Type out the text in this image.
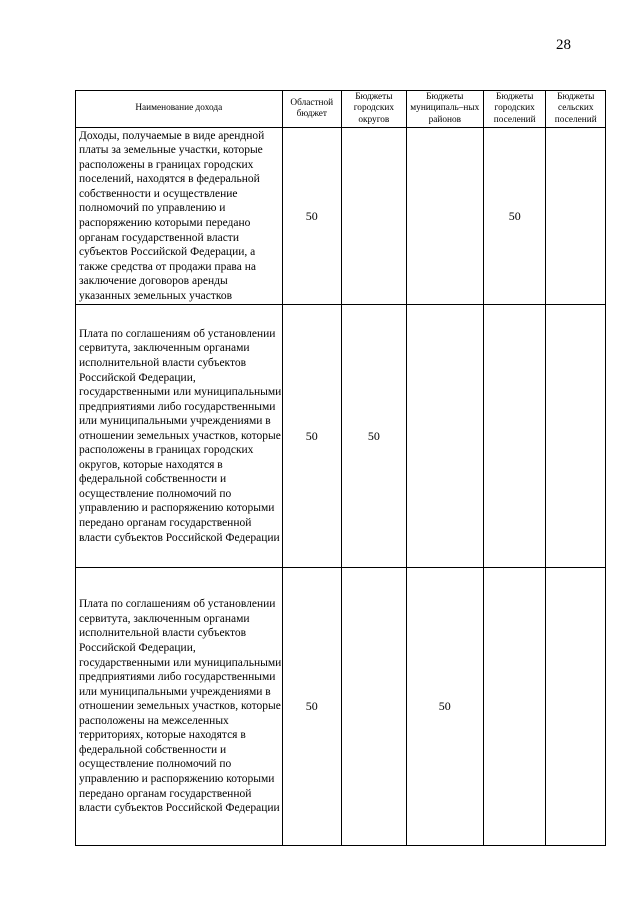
28
Наименование дохода	Областной бюджет	Бюджеты городских округов	Бюджеты муниципаль–ных районов	Бюджеты городских поселений	Бюджеты сельских поселений
Доходы, получаемые в виде арендной платы за земельные участки, которые расположены в границах городских поселений, находятся в федеральной собственности и осуществление полномочий по управлению и распоряжению которыми передано органам государственной власти субъектов Российской Федерации, а также средства от продажи права на заключение договоров аренды указанных земельных участков	50			50	
Плата по соглашениям об установлении сервитута, заключенным органами исполнительной власти субъектов Российской Федерации, государственными или муниципальными предприятиями либо государственными или муниципальными учреждениями в отношении земельных участков, которые расположены в границах городских округов, которые находятся в федеральной собственности и осуществление полномочий по управлению и распоряжению которыми передано органам государственной власти субъектов Российской Федерации	50	50			
Плата по соглашениям об установлении сервитута, заключенным органами исполнительной власти субъектов Российской Федерации, государственными или муниципальными предприятиями либо государственными или муниципальными учреждениями в отношении земельных участков, которые расположены на межселенных территориях, которые находятся в федеральной собственности и осуществление полномочий по управлению и распоряжению которыми передано органам государственной власти субъектов Российской Федерации	50		50		
